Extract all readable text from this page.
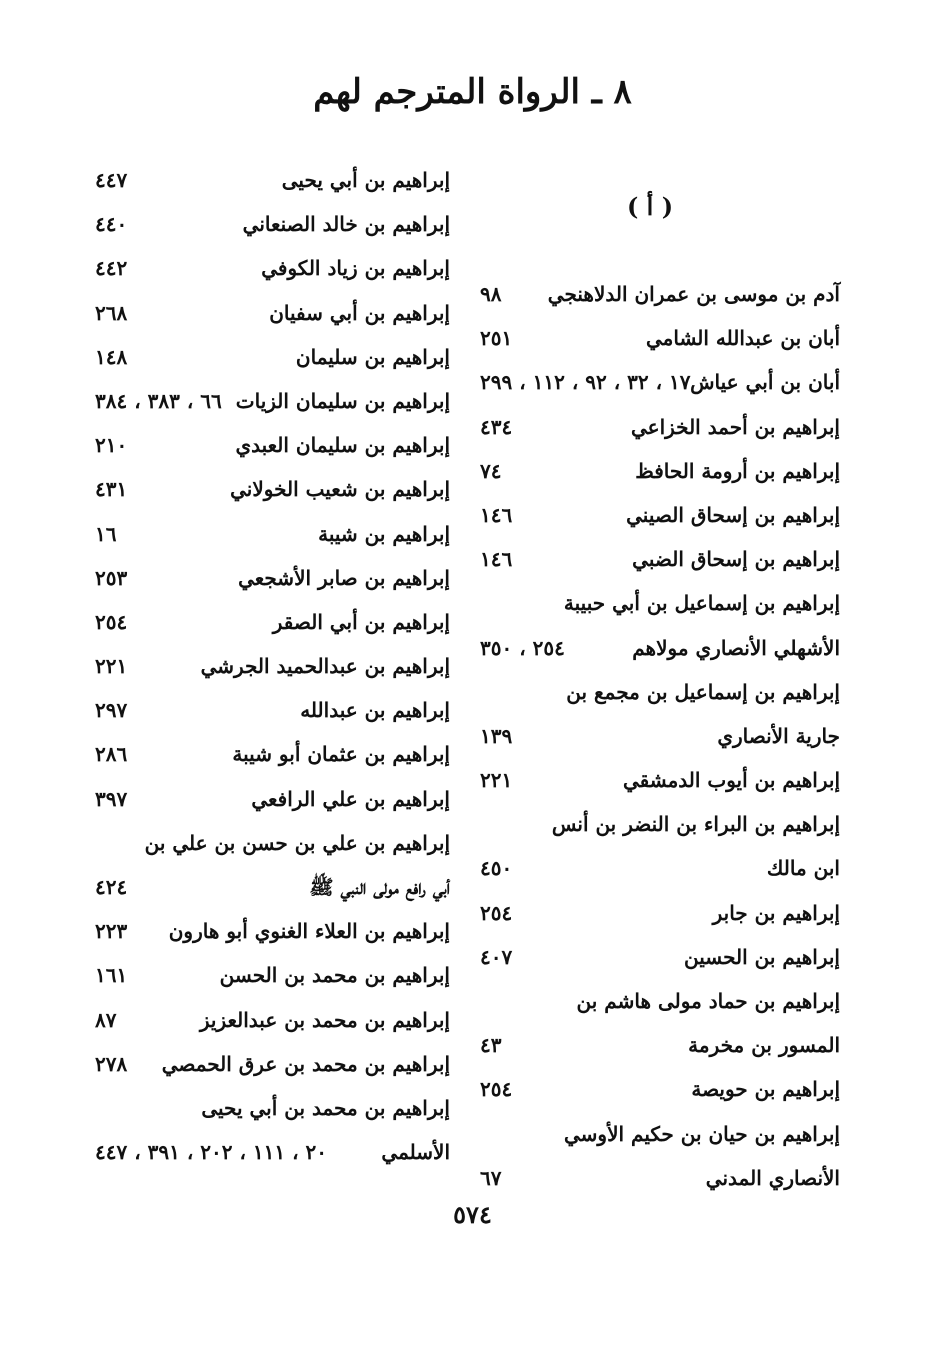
٨ ـ الرواة المترجم لهم
( أ )
آدم بن موسى بن عمران الدلاهنجي
٩٨
أبان بن عبدالله الشامي
٢٥١
أبان بن أبي عياش
١٧ ، ٣٢ ، ٩٢ ، ١١٢ ، ٢٩٩
إبراهيم بن أحمد الخزاعي
٤٣٤
إبراهيم بن أرومة الحافظ
٧٤
إبراهيم بن إسحاق الصيني
١٤٦
إبراهيم بن إسحاق الضبي
١٤٦
إبراهيم بن إسماعيل بن أبي حبيبة
الأشهلي الأنصاري مولاهم
٢٥٤ ، ٣٥٠
إبراهيم بن إسماعيل بن مجمع بن
جارية الأنصاري
١٣٩
إبراهيم بن أيوب الدمشقي
٢٢١
إبراهيم بن البراء بن النضر بن أنس
ابن مالك
٤٥٠
إبراهيم بن جابر
٢٥٤
إبراهيم بن الحسين
٤٠٧
إبراهيم بن حماد مولى هاشم بن
المسور بن مخرمة
٤٣
إبراهيم بن حويصة
٢٥٤
إبراهيم بن حيان بن حكيم الأوسي
الأنصاري المدني
٦٧
إبراهيم بن أبي يحيى
٤٤٧
إبراهيم بن خالد الصنعاني
٤٤٠
إبراهيم بن زياد الكوفي
٤٤٢
إبراهيم بن أبي سفيان
٢٦٨
إبراهيم بن سليمان
١٤٨
إبراهيم بن سليمان الزيات
٦٦ ، ٣٨٣ ، ٣٨٤
إبراهيم بن سليمان العبدي
٢١٠
إبراهيم بن شعيب الخولاني
٤٣١
إبراهيم بن شيبة
١٦
إبراهيم بن صابر الأشجعي
٢٥٣
إبراهيم بن أبي الصقر
٢٥٤
إبراهيم بن عبدالحميد الجرشي
٢٢١
إبراهيم بن عبدالله
٢٩٧
إبراهيم بن عثمان أبو شيبة
٢٨٦
إبراهيم بن علي الرافعي
٣٩٧
إبراهيم بن علي بن حسن بن علي بن
أبي رافع مولى النبي ﷺ
٤٢٤
إبراهيم بن العلاء الغنوي أبو هارون
٢٢٣
إبراهيم بن محمد بن الحسن
١٦١
إبراهيم بن محمد بن عبدالعزيز
٨٧
إبراهيم بن محمد بن عرق الحمصي
٢٧٨
إبراهيم بن محمد بن أبي يحيى
الأسلمي
٢٠ ، ١١١ ، ٢٠٢ ، ٣٩١ ، ٤٤٧
٥٧٤
